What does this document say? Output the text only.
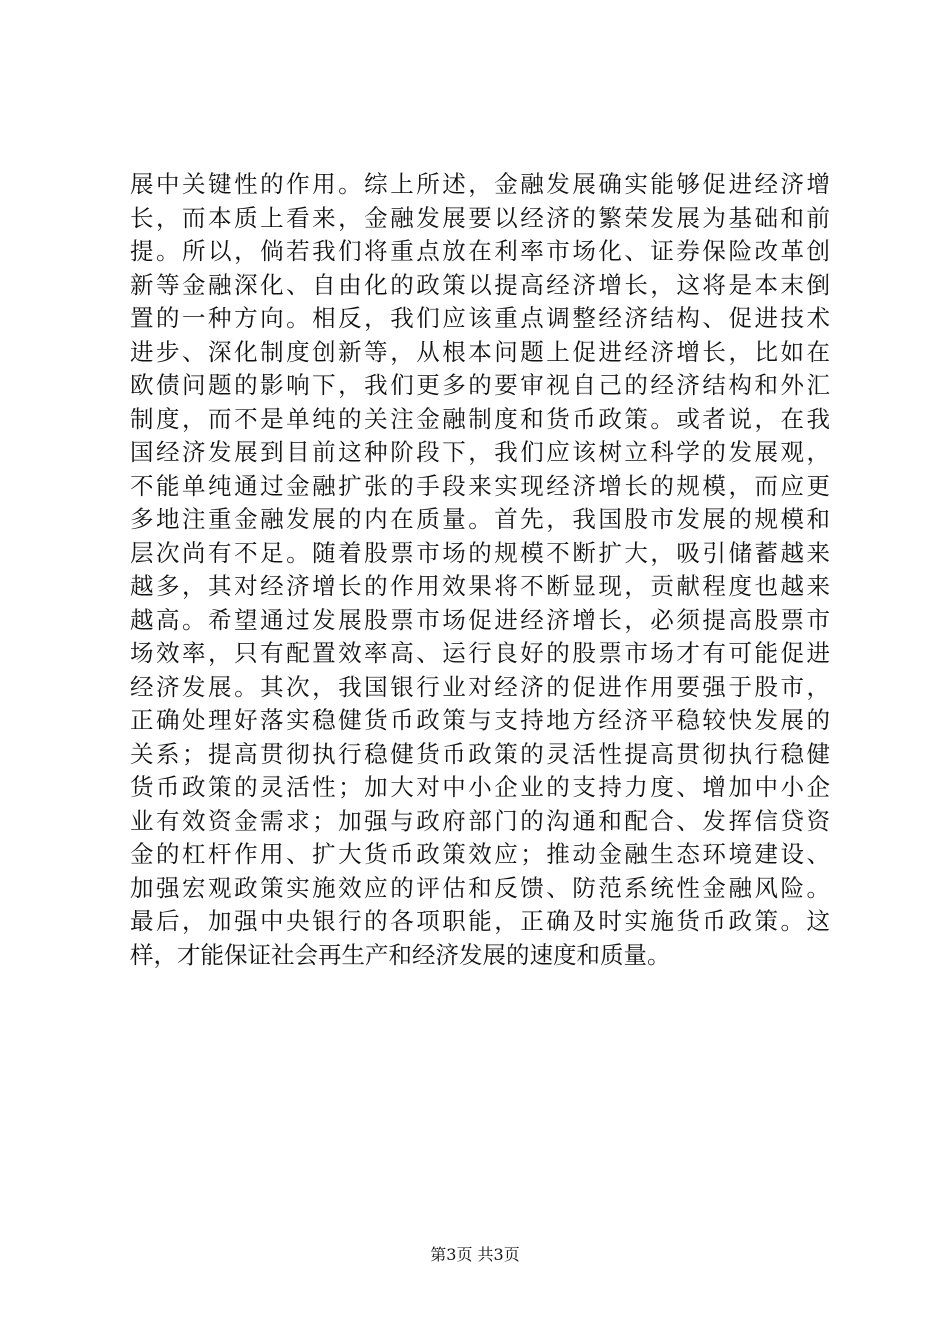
展中关键性的作用。综上所述，金融发展确实能够促进经济增
长，而本质上看来，金融发展要以经济的繁荣发展为基础和前
提。所以，倘若我们将重点放在利率市场化、证券保险改革创
新等金融深化、自由化的政策以提高经济增长，这将是本末倒
置的一种方向。相反，我们应该重点调整经济结构、促进技术
进步、深化制度创新等，从根本问题上促进经济增长，比如在
欧债问题的影响下，我们更多的要审视自己的经济结构和外汇
制度，而不是单纯的关注金融制度和货币政策。或者说，在我
国经济发展到目前这种阶段下，我们应该树立科学的发展观，
不能单纯通过金融扩张的手段来实现经济增长的规模，而应更
多地注重金融发展的内在质量。首先，我国股市发展的规模和
层次尚有不足。随着股票市场的规模不断扩大，吸引储蓄越来
越多，其对经济增长的作用效果将不断显现，贡献程度也越来
越高。希望通过发展股票市场促进经济增长，必须提高股票市
场效率，只有配置效率高、运行良好的股票市场才有可能促进
经济发展。其次，我国银行业对经济的促进作用要强于股市，
正确处理好落实稳健货币政策与支持地方经济平稳较快发展的
关系；提高贯彻执行稳健货币政策的灵活性提高贯彻执行稳健
货币政策的灵活性；加大对中小企业的支持力度、增加中小企
业有效资金需求；加强与政府部门的沟通和配合、发挥信贷资
金的杠杆作用、扩大货币政策效应；推动金融生态环境建设、
加强宏观政策实施效应的评估和反馈、防范系统性金融风险。
最后，加强中央银行的各项职能，正确及时实施货币政策。这
样，才能保证社会再生产和经济发展的速度和质量。
第3页 共3页
